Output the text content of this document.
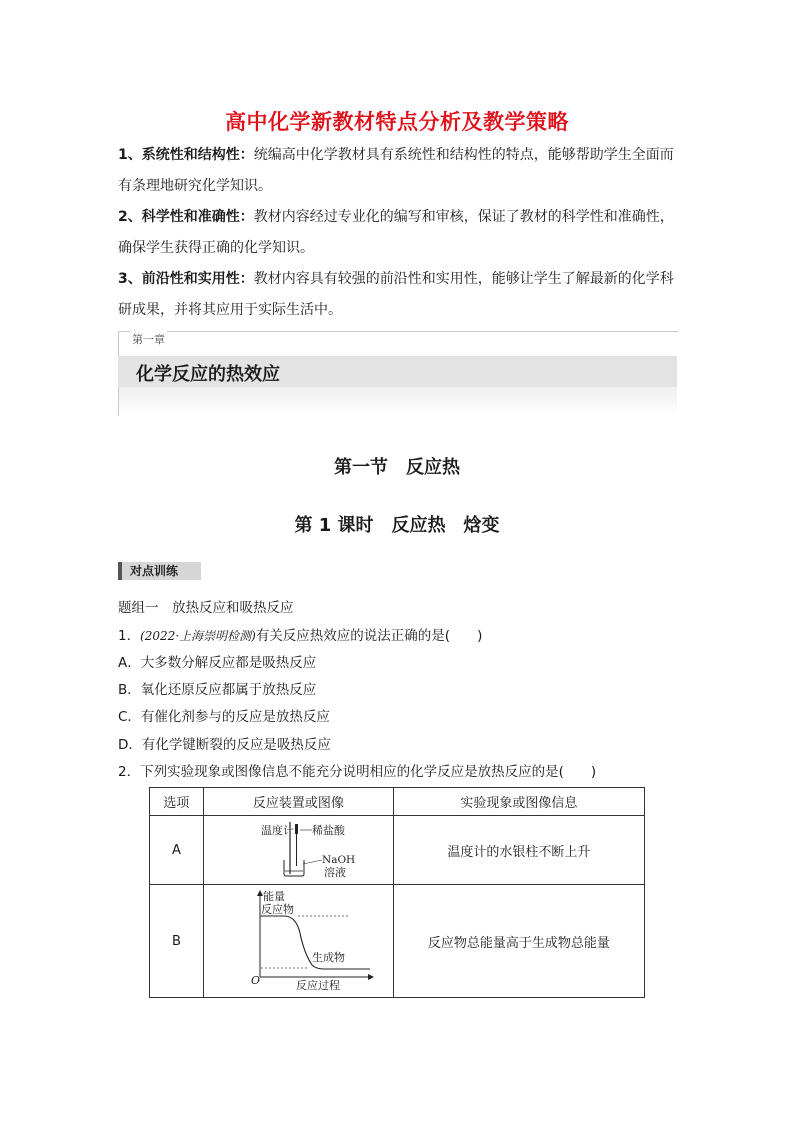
高中化学新教材特点分析及教学策略
1、系统性和结构性：统编高中化学教材具有系统性和结构性的特点，能够帮助学生全面而
有条理地研究化学知识。
2、科学性和准确性：教材内容经过专业化的编写和审核，保证了教材的科学性和准确性，
确保学生获得正确的化学知识。
3、前沿性和实用性：教材内容具有较强的前沿性和实用性，能够让学生了解最新的化学科
研成果，并将其应用于实际生活中。
第一章
化学反应的热效应
第一节　反应热
第 1 课时　反应热　焓变
对点训练
题组一　放热反应和吸热反应
1．(2022·上海崇明检测)有关反应热效应的说法正确的是(　　)
A．大多数分解反应都是吸热反应
B．氧化还原反应都属于放热反应
C．有催化剂参与的反应是放热反应
D．有化学键断裂的反应是吸热反应
2．下列实验现象或图像信息不能充分说明相应的化学反应是放热反应的是(　　)
选项	反应装置或图像	实验现象或图像信息
A	温度计 稀盐酸
NaOH
溶液	温度计的水银柱不断上升
B	能量
反应物
生成物
O 反应过程	反应物总能量高于生成物总能量
